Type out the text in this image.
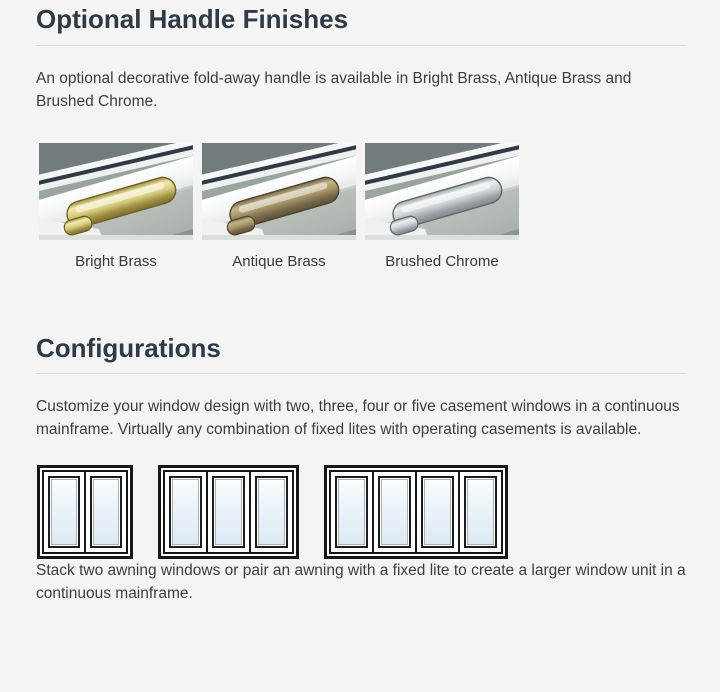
Optional Handle Finishes

An optional decorative fold-away handle is available in Bright Brass, Antique Brass and Brushed Chrome.

Bright Brass	Antique Brass	Brushed Chrome
Configurations

Customize your window design with two, three, four or five casement windows in a continuous mainframe. Virtually any combination of fixed lites with operating casements is available.

Stack two awning windows or pair an awning with a fixed lite to create a larger window unit in a continuous mainframe.
